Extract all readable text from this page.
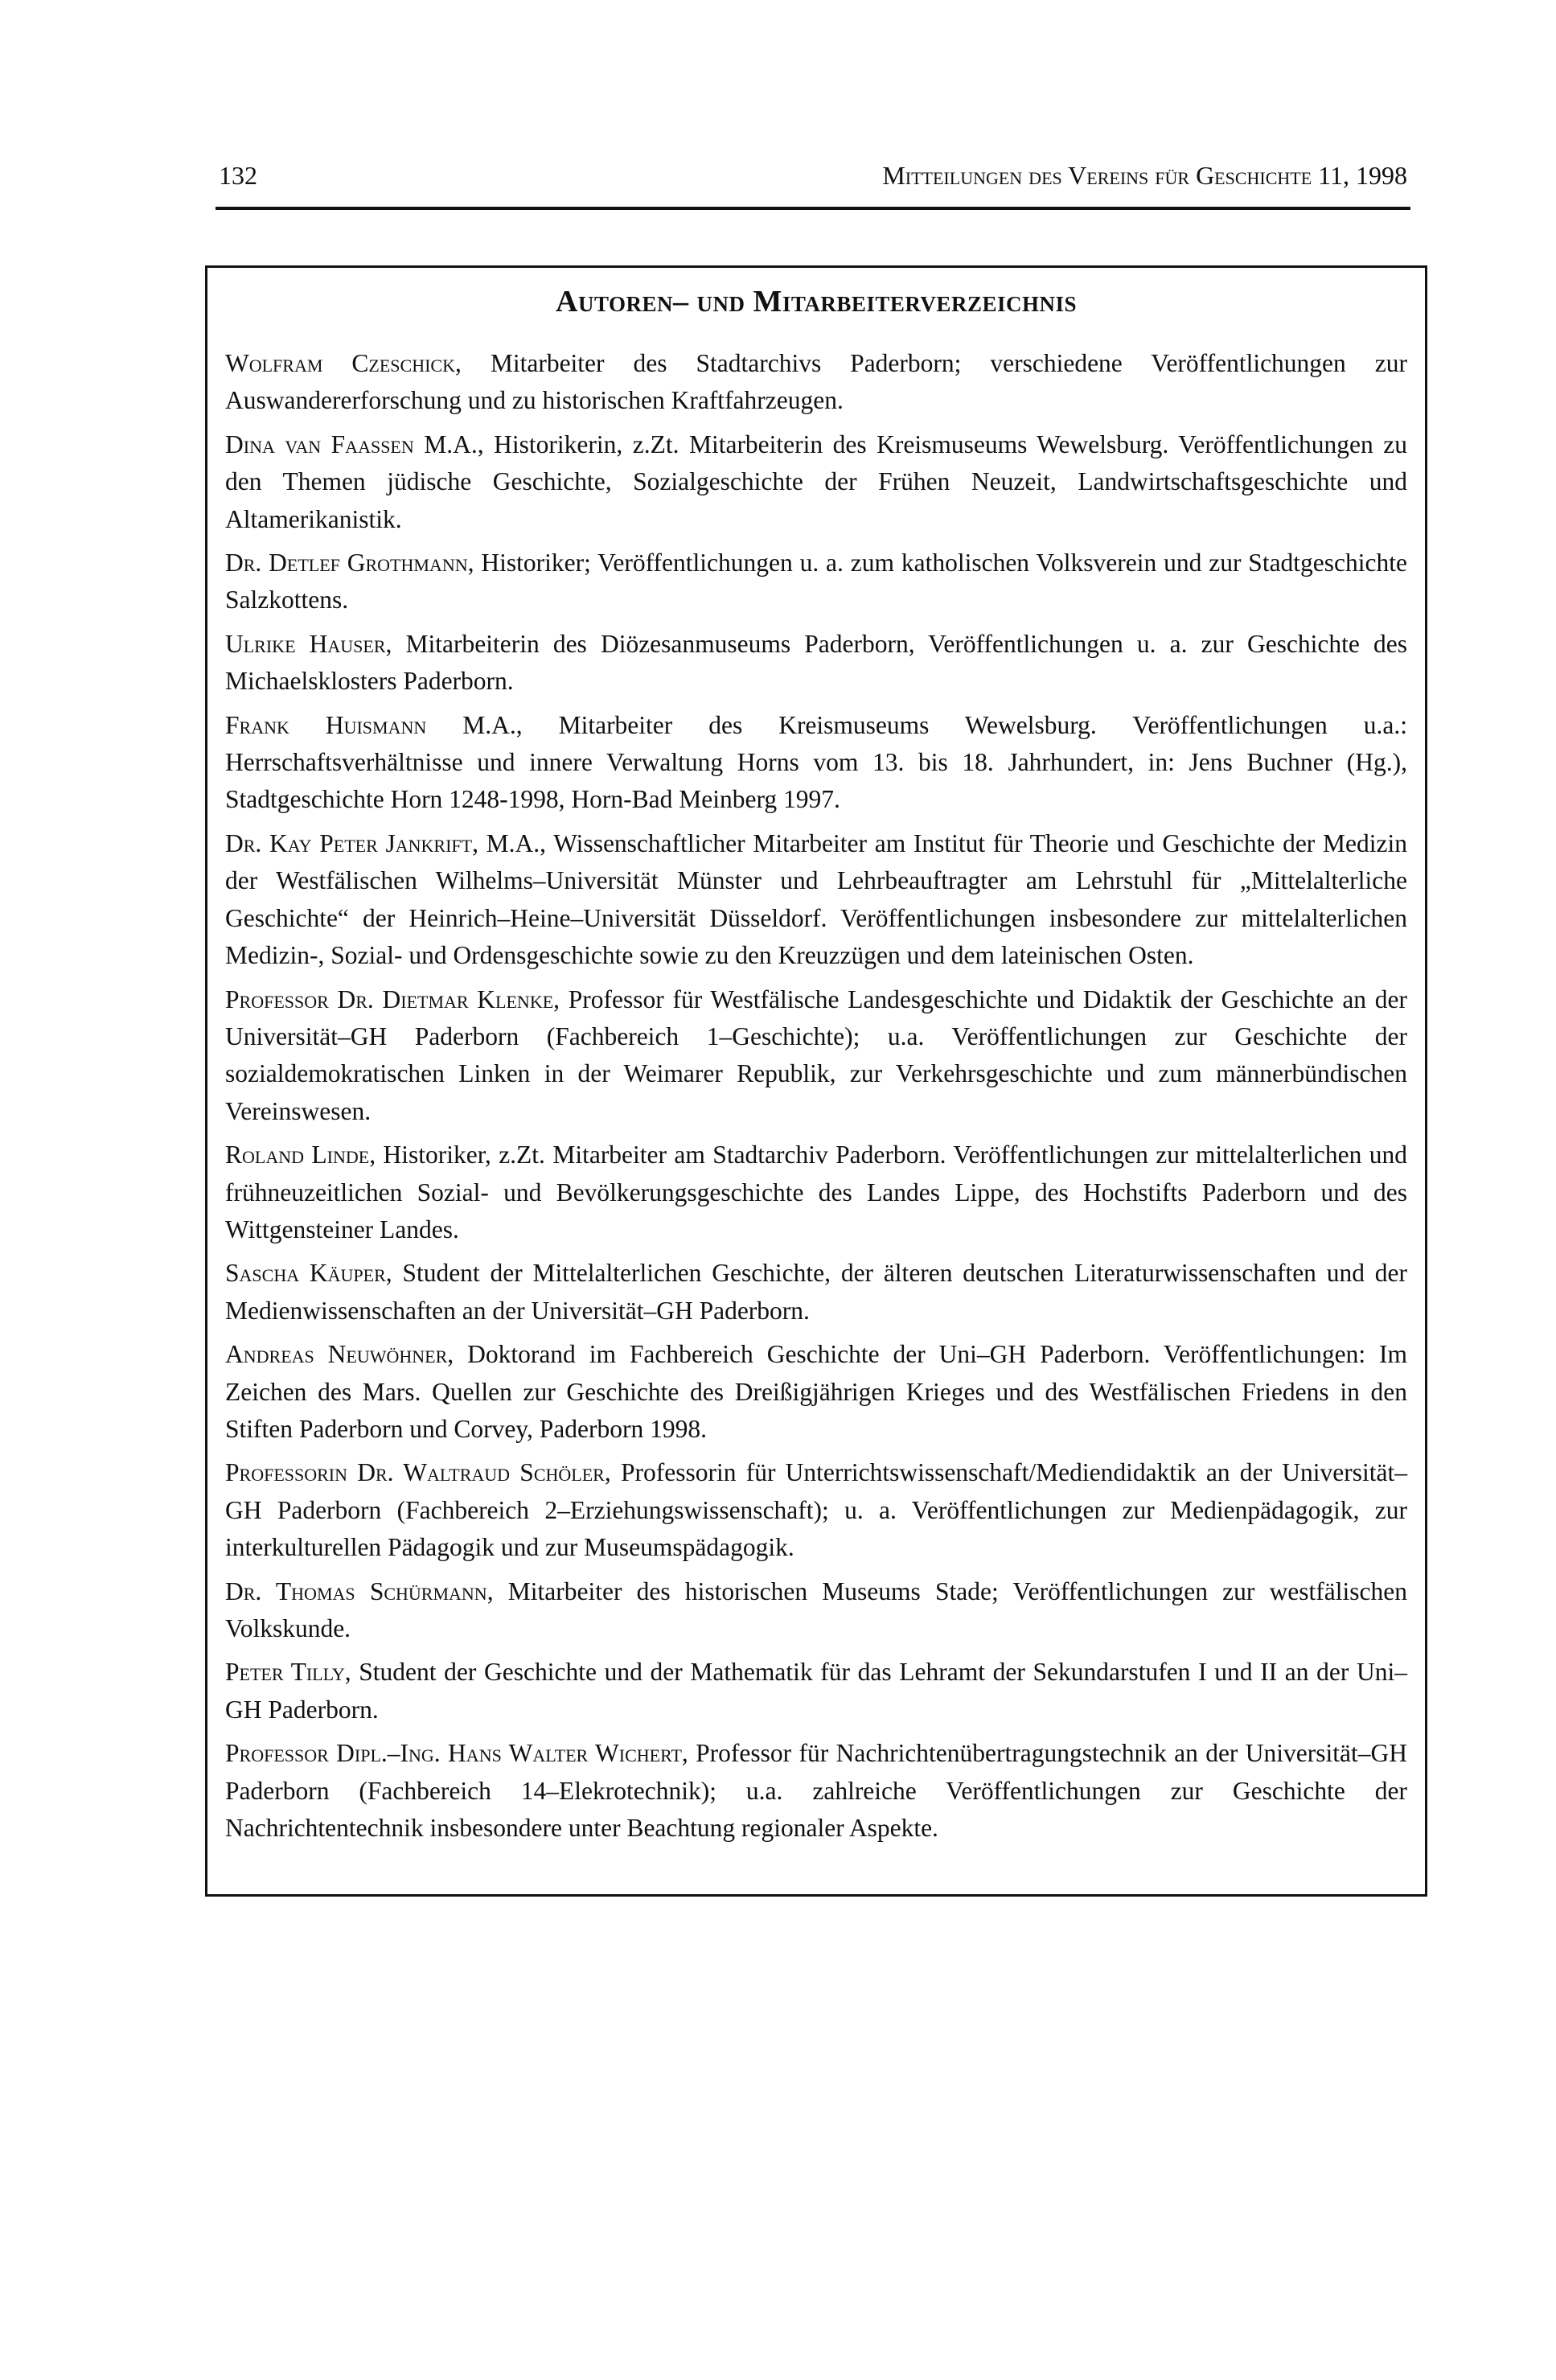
132	Mitteilungen des Vereins für Geschichte 11, 1998
Autoren– und Mitarbeiterverzeichnis

Wolfram Czeschick, Mitarbeiter des Stadtarchivs Paderborn; verschiedene Veröffentlichungen zur Auswandererforschung und zu historischen Kraftfahrzeugen.

Dina van Faassen M.A., Historikerin, z.Zt. Mitarbeiterin des Kreismuseums Wewelsburg. Veröffentlichungen zu den Themen jüdische Geschichte, Sozialgeschichte der Frühen Neuzeit, Landwirtschaftsgeschichte und Altamerikanistik.

Dr. Detlef Grothmann, Historiker; Veröffentlichungen u. a. zum katholischen Volksverein und zur Stadtgeschichte Salzkottens.

Ulrike Hauser, Mitarbeiterin des Diözesanmuseums Paderborn, Veröffentlichungen u. a. zur Geschichte des Michaelsklosters Paderborn.

Frank Huismann M.A., Mitarbeiter des Kreismuseums Wewelsburg. Veröffentlichungen u.a.: Herrschaftsverhältnisse und innere Verwaltung Horns vom 13. bis 18. Jahrhundert, in: Jens Buchner (Hg.), Stadtgeschichte Horn 1248-1998, Horn-Bad Meinberg 1997.

Dr. Kay Peter Jankrift, M.A., Wissenschaftlicher Mitarbeiter am Institut für Theorie und Geschichte der Medizin der Westfälischen Wilhelms–Universität Münster und Lehrbeauftragter am Lehrstuhl für „Mittelalterliche Geschichte“ der Heinrich–Heine–Universität Düsseldorf. Veröffentlichungen insbesondere zur mittelalterlichen Medizin-, Sozial- und Ordensgeschichte sowie zu den Kreuzzügen und dem lateinischen Osten.

Professor Dr. Dietmar Klenke, Professor für Westfälische Landesgeschichte und Didaktik der Geschichte an der Universität–GH Paderborn (Fachbereich 1–Geschichte); u.a. Veröffentlichungen zur Geschichte der sozialdemokratischen Linken in der Weimarer Republik, zur Verkehrsgeschichte und zum männerbündischen Vereinswesen.

Roland Linde, Historiker, z.Zt. Mitarbeiter am Stadtarchiv Paderborn. Veröffentlichungen zur mittelalterlichen und frühneuzeitlichen Sozial- und Bevölkerungsgeschichte des Landes Lippe, des Hochstifts Paderborn und des Wittgensteiner Landes.

Sascha Käuper, Student der Mittelalterlichen Geschichte, der älteren deutschen Literaturwissenschaften und der Medienwissenschaften an der Universität–GH Paderborn.

Andreas Neuwöhner, Doktorand im Fachbereich Geschichte der Uni–GH Paderborn. Veröffentlichungen: Im Zeichen des Mars. Quellen zur Geschichte des Dreißigjährigen Krieges und des Westfälischen Friedens in den Stiften Paderborn und Corvey, Paderborn 1998.

Professorin Dr. Waltraud Schöler, Professorin für Unterrichtswissenschaft/Mediendidaktik an der Universität–GH Paderborn (Fachbereich 2–Erziehungswissenschaft); u. a. Veröffentlichungen zur Medienpädagogik, zur interkulturellen Pädagogik und zur Museumspädagogik.

Dr. Thomas Schürmann, Mitarbeiter des historischen Museums Stade; Veröffentlichungen zur westfälischen Volkskunde.

Peter Tilly, Student der Geschichte und der Mathematik für das Lehramt der Sekundarstufen I und II an der Uni–GH Paderborn.

Professor Dipl.–Ing. Hans Walter Wichert, Professor für Nachrichtenübertragungstechnik an der Universität–GH Paderborn (Fachbereich 14–Elekrotechnik); u.a. zahlreiche Veröffentlichungen zur Geschichte der Nachrichtentechnik insbesondere unter Beachtung regionaler Aspekte.
